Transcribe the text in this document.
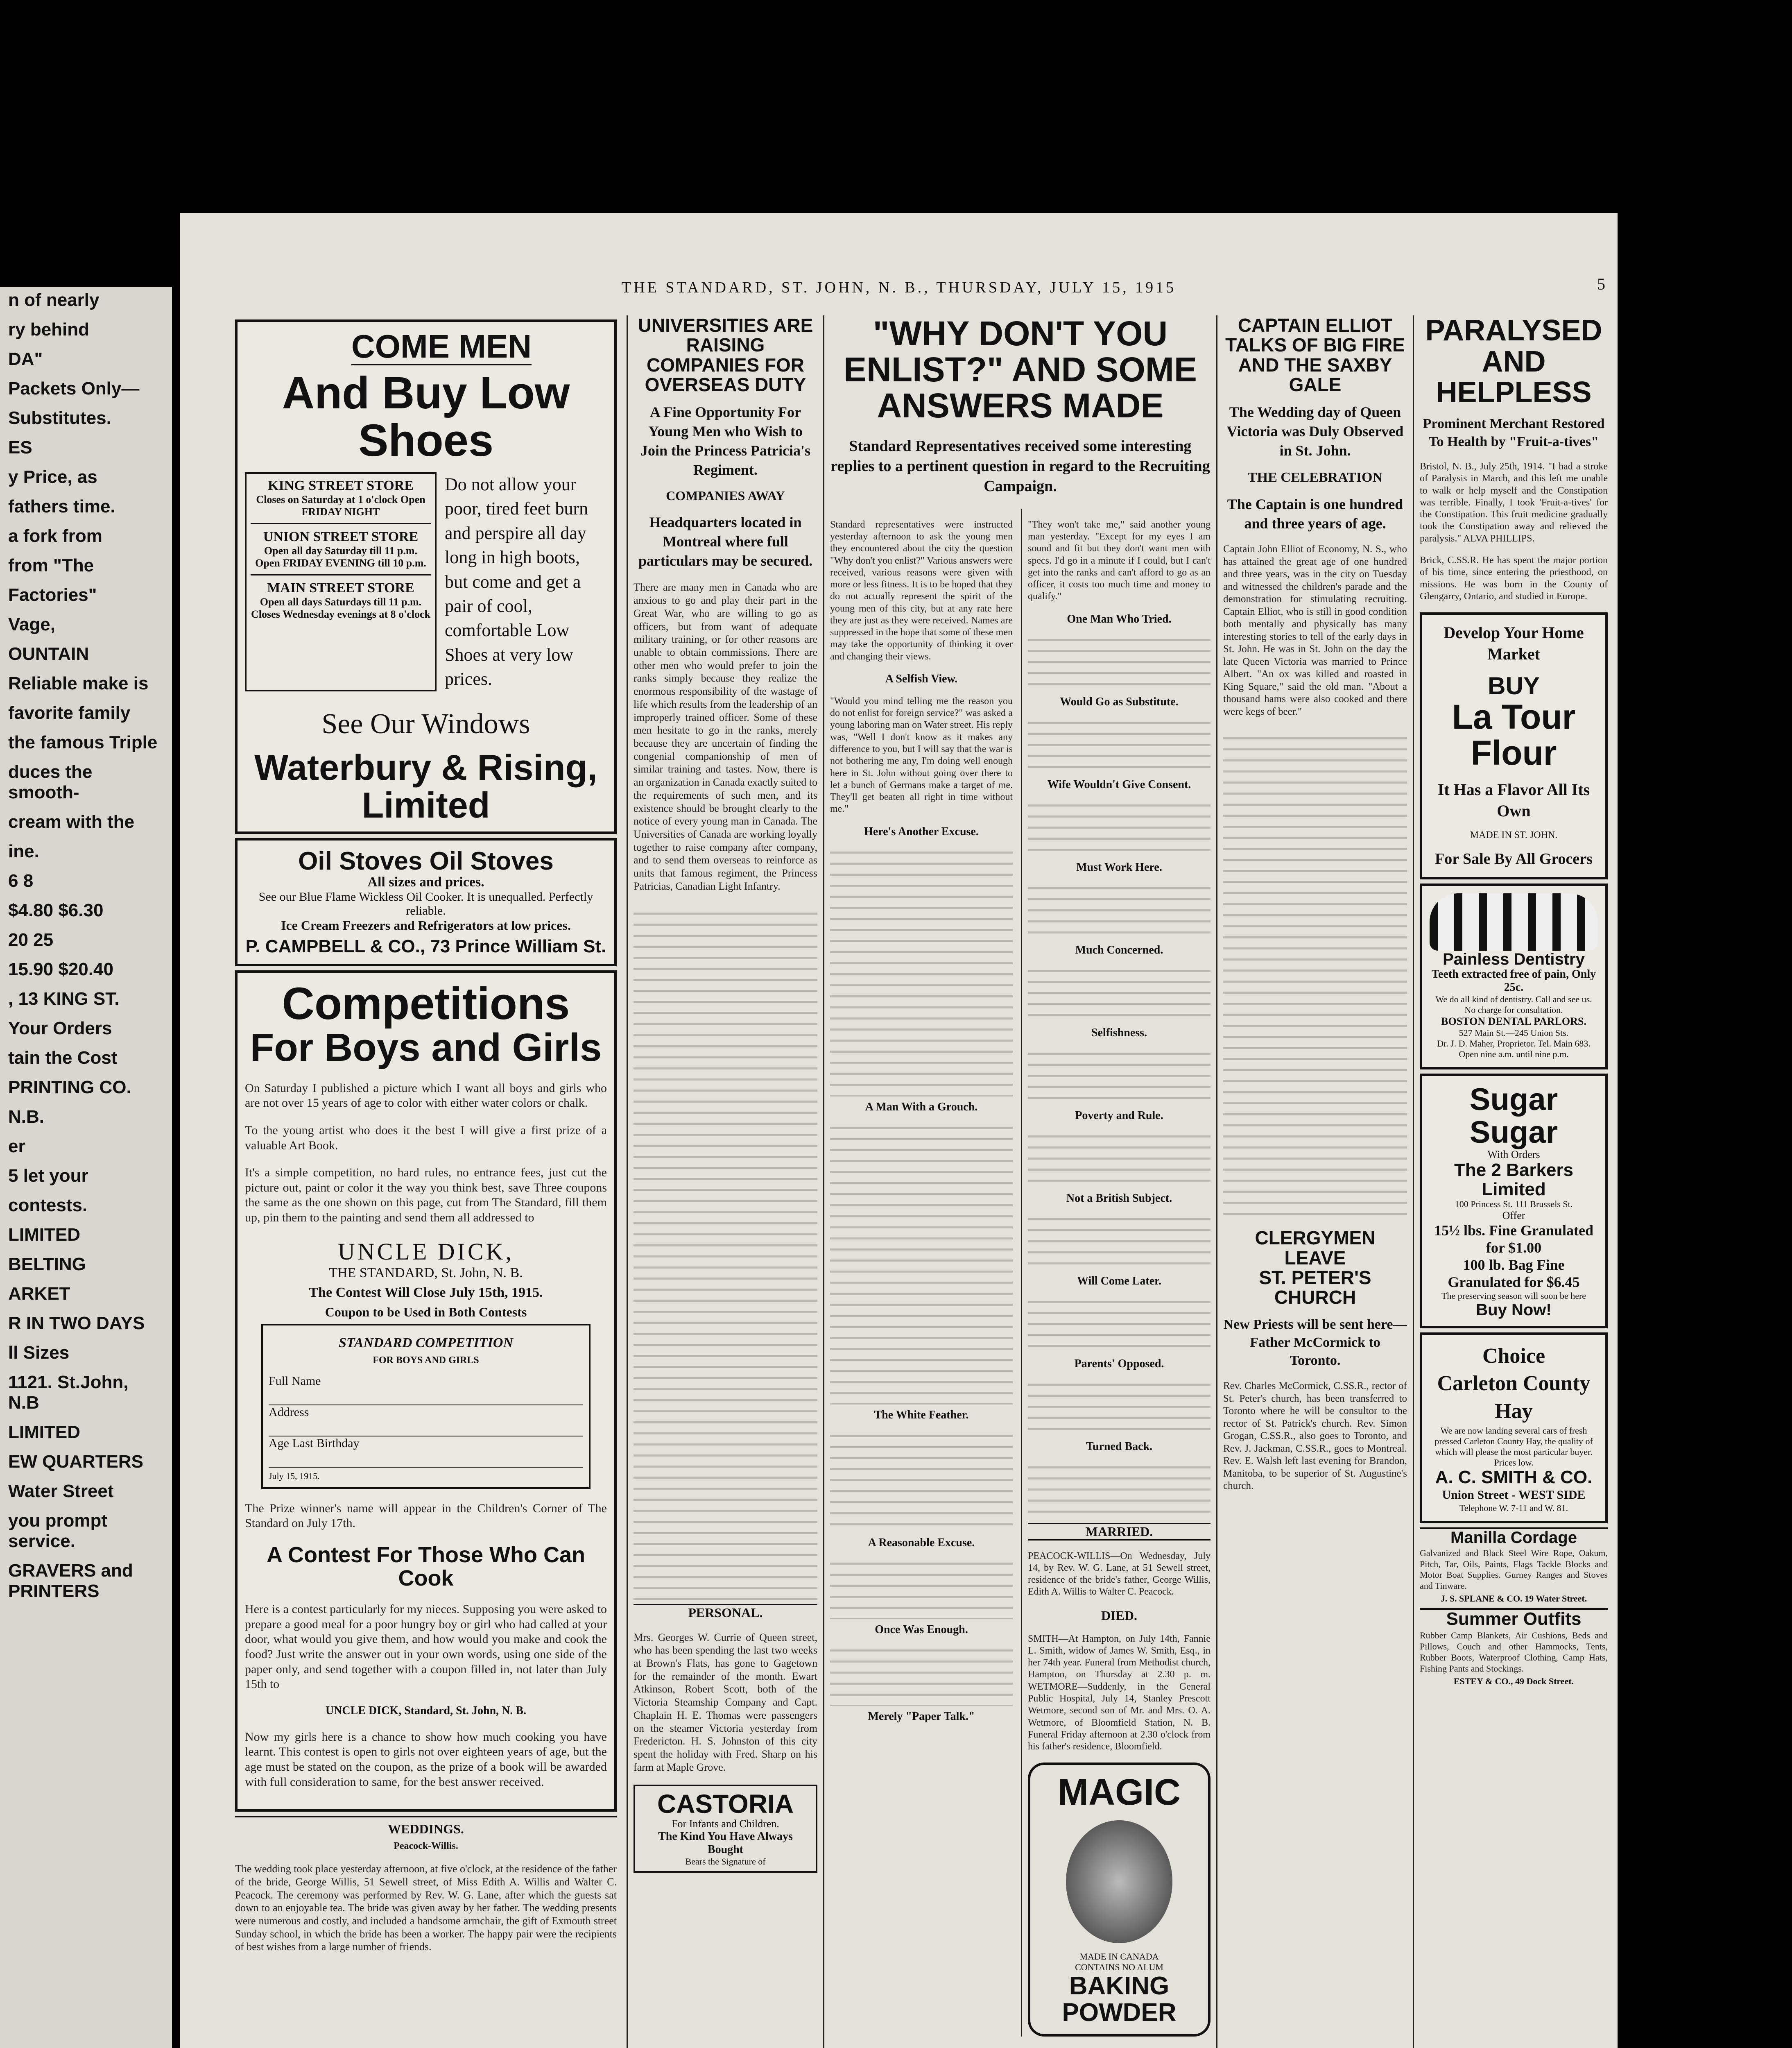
n of nearly
ry behind
DA"
Packets Only—
Substitutes.
ES
y Price, as
fathers time.
a fork from
from "The
Factories"
Vage,
OUNTAIN
Reliable make is
favorite family
the famous Triple
duces the smooth-
cream with the
ine.
6 8
$4.80 $6.30
20 25
15.90 $20.40
, 13 KING ST.
Your Orders
tain the Cost
PRINTING CO.
N.B.
er
5 let your
contests.
LIMITED
BELTING
ARKET
R IN TWO DAYS
ll Sizes
1121. St.John, N.B
LIMITED
EW QUARTERS
Water Street
you prompt service.
GRAVERS and PRINTERS
THE STANDARD, ST. JOHN, N. B., THURSDAY, JULY 15, 1915	5
COME MEN
And Buy Low Shoes
KING STREET STORE
Closes on Saturday at 1 o'clock Open FRIDAY NIGHT
UNION STREET STORE
Open all day Saturday till 11 p.m. Open FRIDAY EVENING till 10 p.m.
MAIN STREET STORE
Open all days Saturdays till 11 p.m. Closes Wednesday evenings at 8 o'clock
Do not allow your poor, tired feet burn and perspire all day long in high boots, but come and get a pair of cool, comfortable Low Shoes at very low prices.
See Our Windows
Waterbury & Rising, Limited
Oil Stoves Oil Stoves
All sizes and prices.
See our Blue Flame Wickless Oil Cooker. It is unequalled. Perfectly reliable.
Ice Cream Freezers and Refrigerators at low prices.
P. CAMPBELL & CO., 73 Prince William St.
Competitions
For Boys and Girls

On Saturday I published a picture which I want all boys and girls who are not over 15 years of age to color with either water colors or chalk.

To the young artist who does it the best I will give a first prize of a valuable Art Book.

It's a simple competition, no hard rules, no entrance fees, just cut the picture out, paint or color it the way you think best, save Three coupons the same as the one shown on this page, cut from The Standard, fill them up, pin them to the painting and send them all addressed to

UNCLE DICK,
THE STANDARD, St. John, N. B.
The Contest Will Close July 15th, 1915.
Coupon to be Used in Both Contests
STANDARD COMPETITION
FOR BOYS AND GIRLS
Full Name
Address
Age Last Birthday
July 15, 1915.

The Prize winner's name will appear in the Children's Corner of The Standard on July 17th.

A Contest For Those Who Can Cook

Here is a contest particularly for my nieces. Supposing you were asked to prepare a good meal for a poor hungry boy or girl who had called at your door, what would you give them, and how would you make and cook the food? Just write the answer out in your own words, using one side of the paper only, and send together with a coupon filled in, not later than July 15th to

UNCLE DICK, Standard, St. John, N. B.

Now my girls here is a chance to show how much cooking you have learnt. This contest is open to girls not over eighteen years of age, but the age must be stated on the coupon, as the prize of a book will be awarded with full consideration to same, for the best answer received.

WEDDINGS.
Peacock-Willis.

The wedding took place yesterday afternoon, at five o'clock, at the residence of the father of the bride, George Willis, 51 Sewell street, of Miss Edith A. Willis and Walter C. Peacock. The ceremony was performed by Rev. W. G. Lane, after which the guests sat down to an enjoyable tea. The bride was given away by her father. The wedding presents were numerous and costly, and included a handsome armchair, the gift of Exmouth street Sunday school, in which the bride has been a worker. The happy pair were the recipients of best wishes from a large number of friends.

UNIVERSITIES ARE RAISING COMPANIES FOR OVERSEAS DUTY
A Fine Opportunity For Young Men who Wish to Join the Princess Patricia's Regiment.
COMPANIES AWAY
Headquarters located in Montreal where full particulars may be secured.

There are many men in Canada who are anxious to go and play their part in the Great War, who are willing to go as officers, but from want of adequate military training, or for other reasons are unable to obtain commissions. There are other men who would prefer to join the ranks simply because they realize the enormous responsibility of the wastage of life which results from the leadership of an improperly trained officer. Some of these men hesitate to go in the ranks, merely because they are uncertain of finding the congenial companionship of men of similar training and tastes. Now, there is an organization in Canada exactly suited to the requirements of such men, and its existence should be brought clearly to the notice of every young man in Canada. The Universities of Canada are working loyally together to raise company after company, and to send them overseas to reinforce as units that famous regiment, the Princess Patricias, Canadian Light Infantry.

PERSONAL.

Mrs. Georges W. Currie of Queen street, who has been spending the last two weeks at Brown's Flats, has gone to Gagetown for the remainder of the month. Ewart Atkinson, Robert Scott, both of the Victoria Steamship Company and Capt. Chaplain H. E. Thomas were passengers on the steamer Victoria yesterday from Fredericton. H. S. Johnston of this city spent the holiday with Fred. Sharp on his farm at Maple Grove.

CASTORIA
For Infants and Children.
The Kind You Have Always Bought
Bears the Signature of
"WHY DON'T YOU ENLIST?" AND SOME ANSWERS MADE
Standard Representatives received some interesting replies to a pertinent question in regard to the Recruiting Campaign.

Standard representatives were instructed yesterday afternoon to ask the young men they encountered about the city the question "Why don't you enlist?" Various answers were received, various reasons were given with more or less fitness. It is to be hoped that they do not actually represent the spirit of the young men of this city, but at any rate here they are just as they were received. Names are suppressed in the hope that some of these men may take the opportunity of thinking it over and changing their views.

A Selfish View.

"Would you mind telling me the reason you do not enlist for foreign service?" was asked a young laboring man on Water street. His reply was, "Well I don't know as it makes any difference to you, but I will say that the war is not bothering me any, I'm doing well enough here in St. John without going over there to let a bunch of Germans make a target of me. They'll get beaten all right in time without me."

Here's Another Excuse.
A Man With a Grouch.
The White Feather.
A Reasonable Excuse.
Once Was Enough.
Merely "Paper Talk."

"They won't take me," said another young man yesterday. "Except for my eyes I am sound and fit but they don't want men with specs. I'd go in a minute if I could, but I can't get into the ranks and can't afford to go as an officer, it costs too much time and money to qualify."

One Man Who Tried.
Would Go as Substitute.
Wife Wouldn't Give Consent.
Must Work Here.
Much Concerned.
Selfishness.
Poverty and Rule.
Not a British Subject.
Will Come Later.
Parents' Opposed.
Turned Back.
MARRIED.

PEACOCK-WILLIS—On Wednesday, July 14, by Rev. W. G. Lane, at 51 Sewell street, residence of the bride's father, George Willis, Edith A. Willis to Walter C. Peacock.

DIED.

SMITH—At Hampton, on July 14th, Fannie L. Smith, widow of James W. Smith, Esq., in her 74th year. Funeral from Methodist church, Hampton, on Thursday at 2.30 p. m. WETMORE—Suddenly, in the General Public Hospital, July 14, Stanley Prescott Wetmore, second son of Mr. and Mrs. O. A. Wetmore, of Bloomfield Station, N. B. Funeral Friday afternoon at 2.30 o'clock from his father's residence, Bloomfield.

MAGIC
MADE IN CANADA
CONTAINS NO ALUM
BAKING POWDER
CAPTAIN ELLIOT TALKS OF BIG FIRE AND THE SAXBY GALE
The Wedding day of Queen Victoria was Duly Observed in St. John.
THE CELEBRATION
The Captain is one hundred and three years of age.

Captain John Elliot of Economy, N. S., who has attained the great age of one hundred and three years, was in the city on Tuesday and witnessed the children's parade and the demonstration for stimulating recruiting. Captain Elliot, who is still in good condition both mentally and physically has many interesting stories to tell of the early days in St. John. He was in St. John on the day the late Queen Victoria was married to Prince Albert. "An ox was killed and roasted in King Square," said the old man. "About a thousand hams were also cooked and there were kegs of beer."

CLERGYMEN LEAVE
ST. PETER'S CHURCH
New Priests will be sent here—Father McCormick to Toronto.

Rev. Charles McCormick, C.SS.R., rector of St. Peter's church, has been transferred to Toronto where he will be consultor to the rector of St. Patrick's church. Rev. Simon Grogan, C.SS.R., also goes to Toronto, and Rev. J. Jackman, C.SS.R., goes to Montreal. Rev. E. Walsh left last evening for Brandon, Manitoba, to be superior of St. Augustine's church.

PARALYSED AND HELPLESS
Prominent Merchant Restored To Health by "Fruit-a-tives"

Bristol, N. B., July 25th, 1914. "I had a stroke of Paralysis in March, and this left me unable to walk or help myself and the Constipation was terrible. Finally, I took 'Fruit-a-tives' for the Constipation. This fruit medicine gradually took the Constipation away and relieved the paralysis." ALVA PHILLIPS.

Brick, C.SS.R. He has spent the major portion of his time, since entering the priesthood, on missions. He was born in the County of Glengarry, Ontario, and studied in Europe.

Develop Your Home Market
BUY
La Tour Flour
It Has a Flavor All Its Own
MADE IN ST. JOHN.
For Sale By All Grocers
Painless Dentistry
Teeth extracted free of pain, Only 25c.
We do all kind of dentistry. Call and see us. No charge for consultation.
BOSTON DENTAL PARLORS.
527 Main St.—245 Union Sts.
Dr. J. D. Maher, Proprietor. Tel. Main 683.
Open nine a.m. until nine p.m.
Sugar Sugar
With Orders
The 2 Barkers Limited
100 Princess St. 111 Brussels St.
Offer
15½ lbs. Fine Granulated for $1.00
100 lb. Bag Fine Granulated for $6.45
The preserving season will soon be here
Buy Now!
Choice
Carleton County
Hay
We are now landing several cars of fresh pressed Carleton County Hay, the quality of which will please the most particular buyer.
Prices low.
A. C. SMITH & CO.
Union Street - WEST SIDE
Telephone W. 7-11 and W. 81.
Manilla Cordage

Galvanized and Black Steel Wire Rope, Oakum, Pitch, Tar, Oils, Paints, Flags Tackle Blocks and Motor Boat Supplies. Gurney Ranges and Stoves and Tinware.

J. S. SPLANE & CO. 19 Water Street.
Summer Outfits

Rubber Camp Blankets, Air Cushions, Beds and Pillows, Couch and other Hammocks, Tents, Rubber Boots, Waterproof Clothing, Camp Hats, Fishing Pants and Stockings.

ESTEY & CO., 49 Dock Street.
